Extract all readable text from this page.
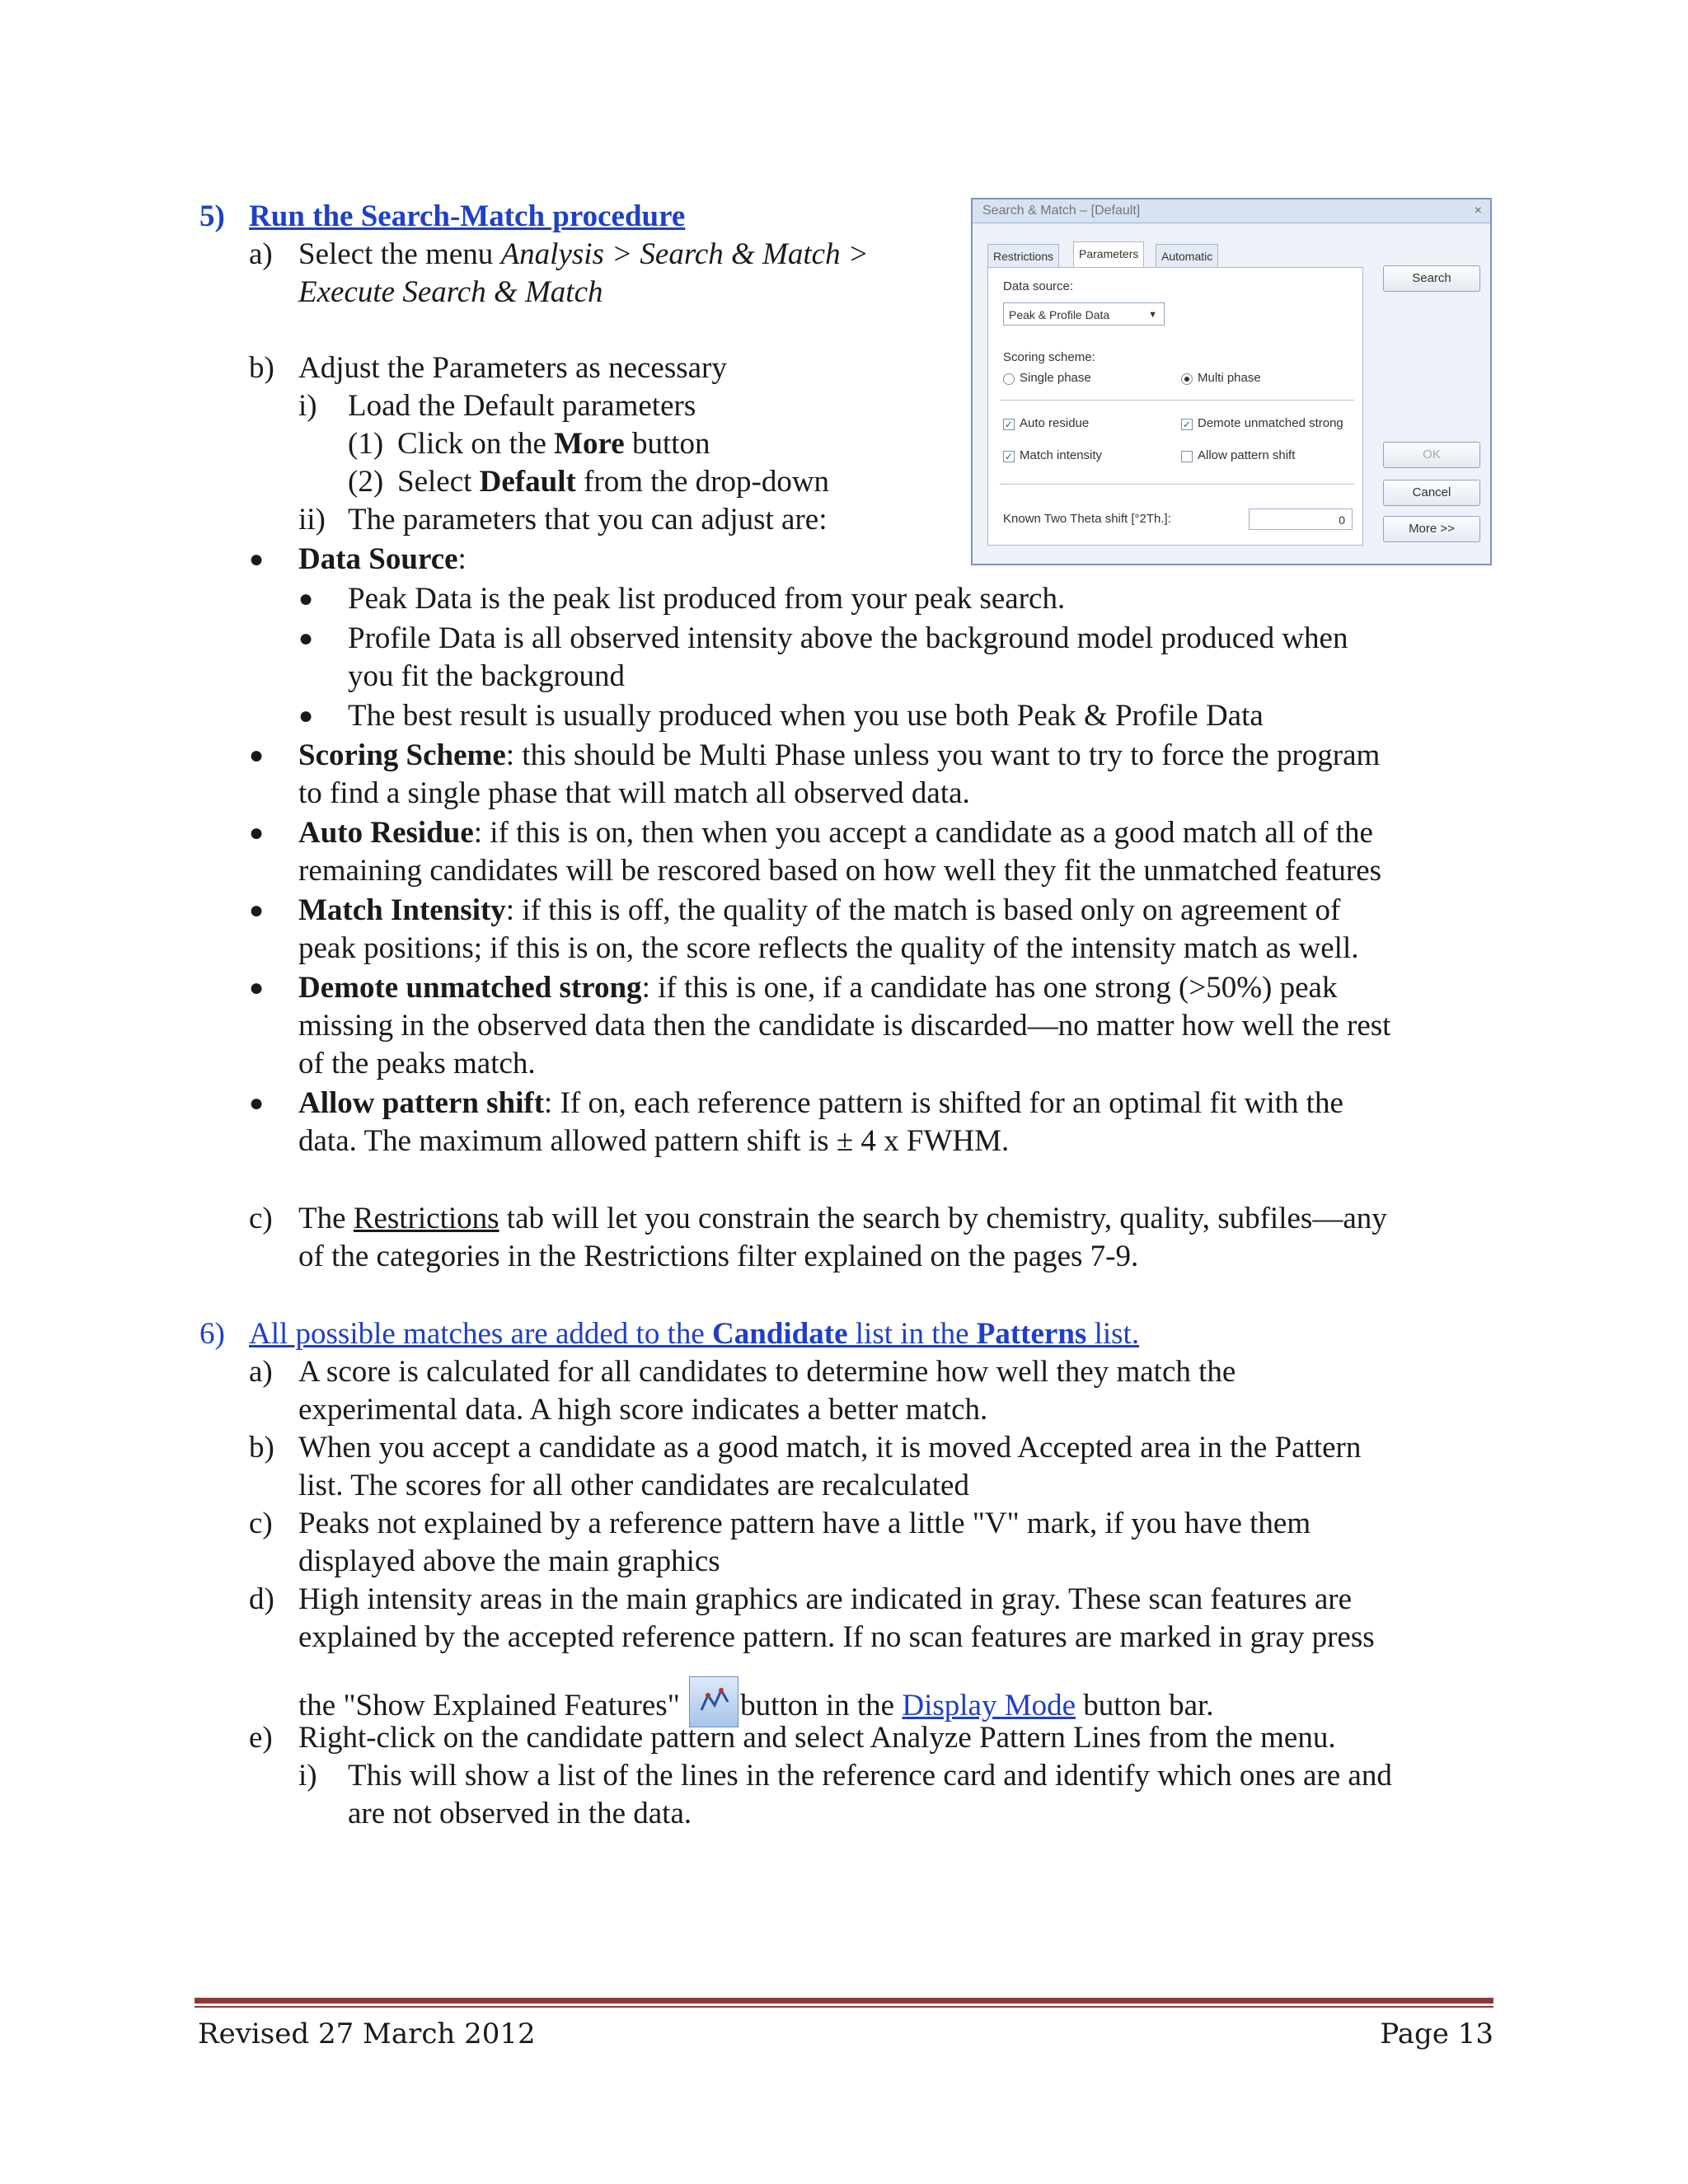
5) Run the Search-Match procedure
a) Select the menu Analysis > Search & Match >
Execute Search & Match
b) Adjust the Parameters as necessary
i) Load the Default parameters
(1) Click on the More button
(2) Select Default from the drop-down
ii) The parameters that you can adjust are:
● Data Source:
● Peak Data is the peak list produced from your peak search.
● Profile Data is all observed intensity above the background model produced when
you fit the background
● The best result is usually produced when you use both Peak & Profile Data
● Scoring Scheme: this should be Multi Phase unless you want to try to force the program
to find a single phase that will match all observed data.
● Auto Residue: if this is on, then when you accept a candidate as a good match all of the
remaining candidates will be rescored based on how well they fit the unmatched features
● Match Intensity: if this is off, the quality of the match is based only on agreement of
peak positions; if this is on, the score reflects the quality of the intensity match as well.
● Demote unmatched strong: if this is one, if a candidate has one strong (>50%) peak
missing in the observed data then the candidate is discarded—no matter how well the rest
of the peaks match.
● Allow pattern shift: If on, each reference pattern is shifted for an optimal fit with the
data. The maximum allowed pattern shift is ± 4 x FWHM.
c) The Restrictions tab will let you constrain the search by chemistry, quality, subfiles—any
of the categories in the Restrictions filter explained on the pages 7-9.
6) All possible matches are added to the Candidate list in the Patterns list.
a) A score is calculated for all candidates to determine how well they match the
experimental data. A high score indicates a better match.
b) When you accept a candidate as a good match, it is moved Accepted area in the Pattern
list. The scores for all other candidates are recalculated
c) Peaks not explained by a reference pattern have a little "V" mark, if you have them
displayed above the main graphics
d) High intensity areas in the main graphics are indicated in gray. These scan features are
explained by the accepted reference pattern. If no scan features are marked in gray press
the "Show Explained Features" button in the Display Mode button bar.
e) Right-click on the candidate pattern and select Analyze Pattern Lines from the menu.
i) This will show a list of the lines in the reference card and identify which ones are and
are not observed in the data.
Search & Match – [Default]	×
Restrictions	Parameters	Automatic
Data source:
Peak & Profile Data	▼
Scoring scheme:
Single phase	Multi phase
✓ Auto residue	✓ Demote unmatched strong
✓ Match intensity	Allow pattern shift
Known Two Theta shift [°2Th.]:	0
Search
OK
Cancel
More >>
Revised 27 March 2012	Page 13
